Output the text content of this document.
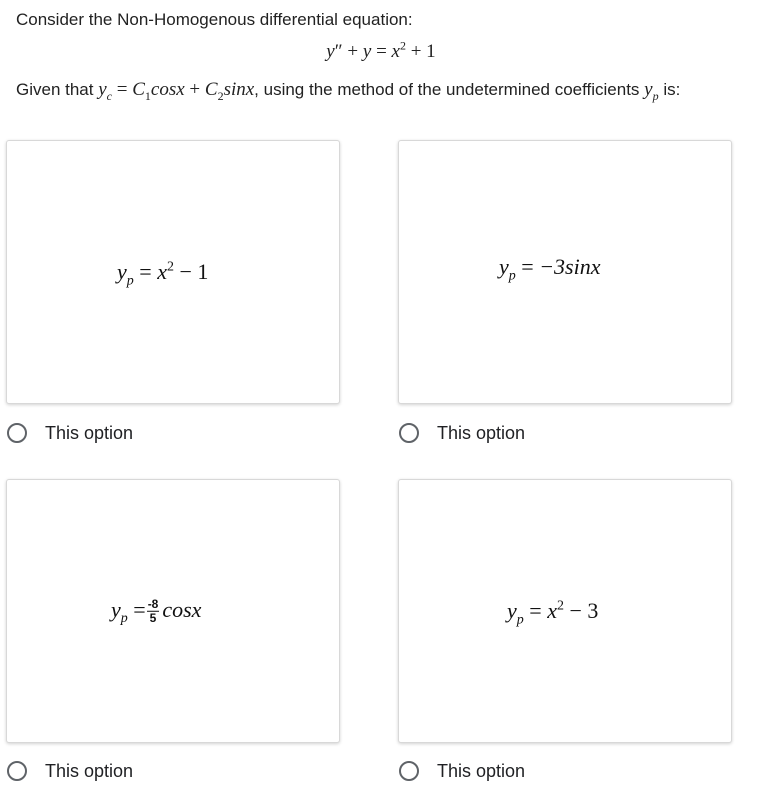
Consider the Non-Homogenous differential equation:
$y'' + y = x^2 + 1$
Given that $y_c = C_1\cos x + C_2\sin x$, using the method of the undetermined coefficients $y_p$ is:
$y_p = x^2 - 1$
This option
$y_p = -3\sin x$
This option
$y_p = \frac{-8}{5}$ cosx
This option
$y_p = x^2 - 3$
This option
